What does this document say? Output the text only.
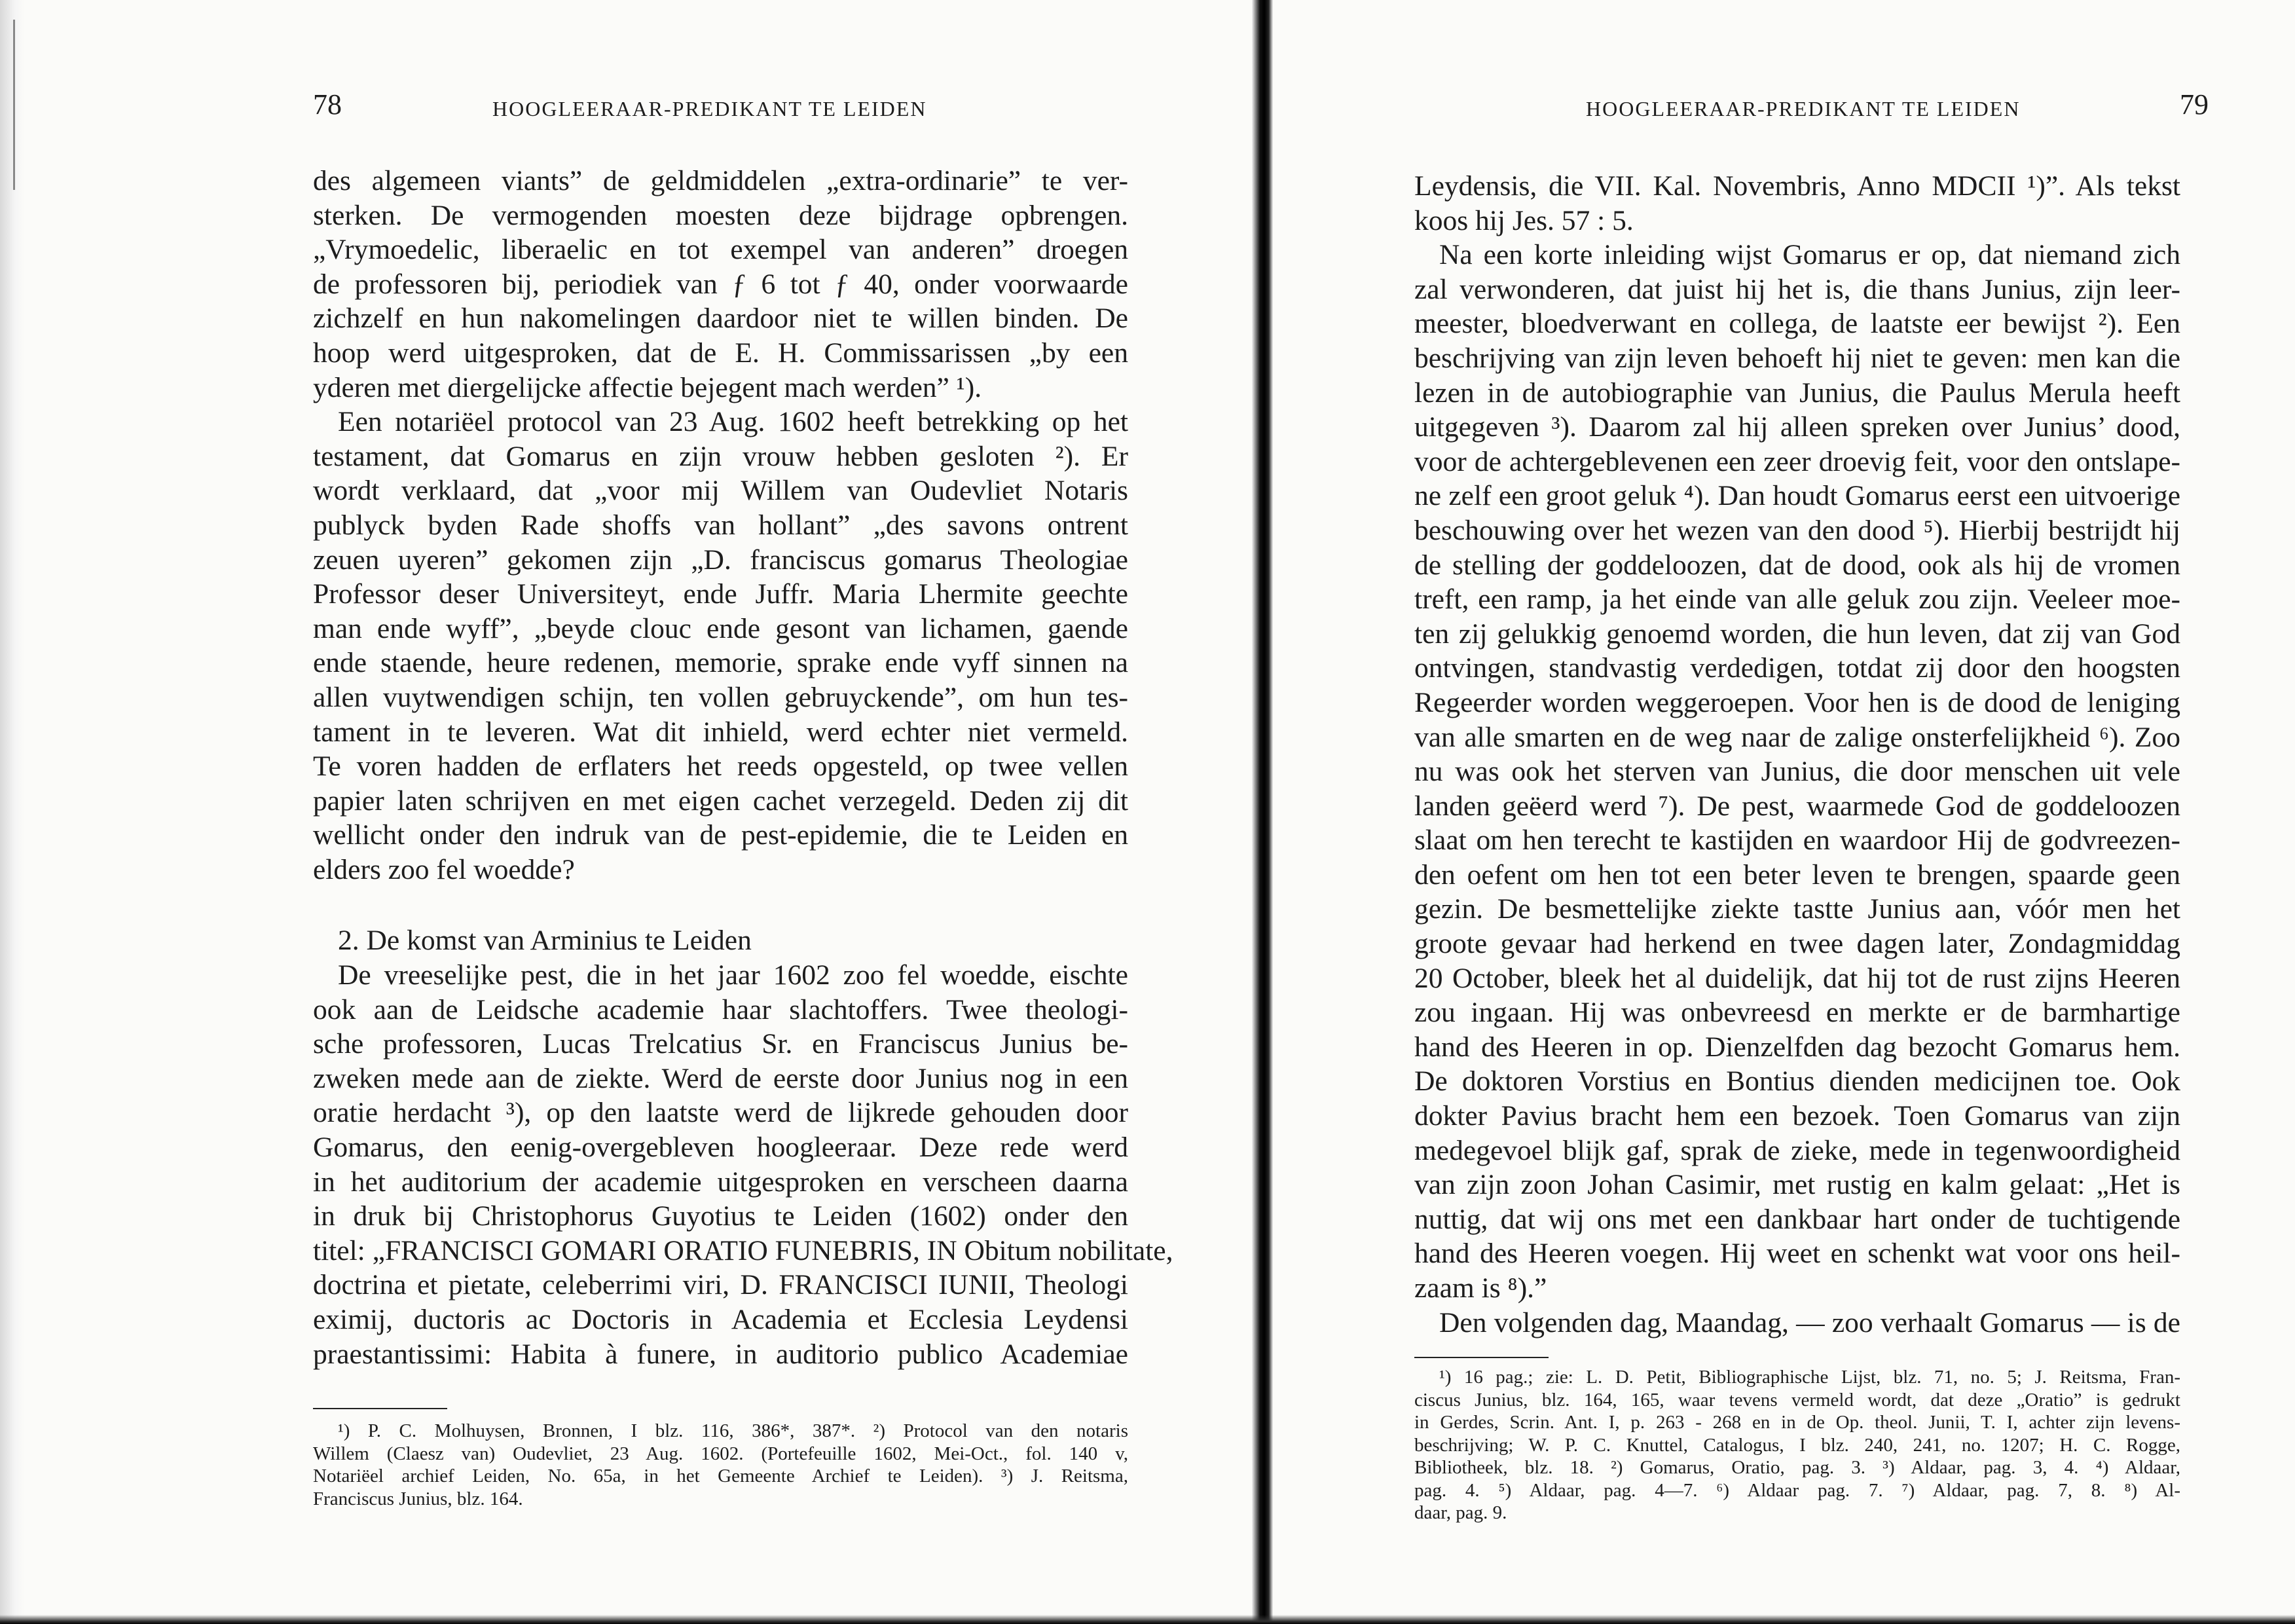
78	HOOGLEERAAR-PREDIKANT TE LEIDEN
des algemeen viants” de geldmiddelen „extra-ordinarie” te ver-
sterken. De vermogenden moesten deze bijdrage opbrengen.
„Vrymoedelic, liberaelic en tot exempel van anderen” droegen
de professoren bij, periodiek van ƒ 6 tot ƒ 40, onder voorwaarde
zichzelf en hun nakomelingen daardoor niet te willen binden. De
hoop werd uitgesproken, dat de E. H. Commissarissen „by een
yderen met diergelijcke affectie bejegent mach werden” ¹).
Een notariëel protocol van 23 Aug. 1602 heeft betrekking op het
testament, dat Gomarus en zijn vrouw hebben gesloten ²). Er
wordt verklaard, dat „voor mij Willem van Oudevliet Notaris
publyck byden Rade shoffs van hollant” „des savons ontrent
zeuen uyeren” gekomen zijn „D. franciscus gomarus Theologiae
Professor deser Universiteyt, ende Juffr. Maria Lhermite geechte
man ende wyff”, „beyde clouc ende gesont van lichamen, gaende
ende staende, heure redenen, memorie, sprake ende vyff sinnen na
allen vuytwendigen schijn, ten vollen gebruyckende”, om hun tes-
tament in te leveren. Wat dit inhield, werd echter niet vermeld.
Te voren hadden de erflaters het reeds opgesteld, op twee vellen
papier laten schrijven en met eigen cachet verzegeld. Deden zij dit
wellicht onder den indruk van de pest-epidemie, die te Leiden en
elders zoo fel woedde?
2. De komst van Arminius te Leiden
De vreeselijke pest, die in het jaar 1602 zoo fel woedde, eischte
ook aan de Leidsche academie haar slachtoffers. Twee theologi-
sche professoren, Lucas Trelcatius Sr. en Franciscus Junius be-
zweken mede aan de ziekte. Werd de eerste door Junius nog in een
oratie herdacht ³), op den laatste werd de lijkrede gehouden door
Gomarus, den eenig-overgebleven hoogleeraar. Deze rede werd
in het auditorium der academie uitgesproken en verscheen daarna
in druk bij Christophorus Guyotius te Leiden (1602) onder den
titel: „FRANCISCI GOMARI ORATIO FUNEBRIS, IN Obitum nobilitate,
doctrina et pietate, celeberrimi viri, D. FRANCISCI IUNII, Theologi
eximij, ductoris ac Doctoris in Academia et Ecclesia Leydensi
praestantissimi: Habita à funere, in auditorio publico Academiae
¹) P. C. Molhuysen, Bronnen, I blz. 116, 386*, 387*. ²) Protocol van den notaris
Willem (Claesz van) Oudevliet, 23 Aug. 1602. (Portefeuille 1602, Mei-Oct., fol. 140 v,
Notariëel archief Leiden, No. 65a, in het Gemeente Archief te Leiden). ³) J. Reitsma,
Franciscus Junius, blz. 164.
HOOGLEERAAR-PREDIKANT TE LEIDEN	79
Leydensis, die VII. Kal. Novembris, Anno MDCII ¹)”. Als tekst
koos hij Jes. 57 : 5.
Na een korte inleiding wijst Gomarus er op, dat niemand zich
zal verwonderen, dat juist hij het is, die thans Junius, zijn leer-
meester, bloedverwant en collega, de laatste eer bewijst ²). Een
beschrijving van zijn leven behoeft hij niet te geven: men kan die
lezen in de autobiographie van Junius, die Paulus Merula heeft
uitgegeven ³). Daarom zal hij alleen spreken over Junius’ dood,
voor de achtergeblevenen een zeer droevig feit, voor den ontslape-
ne zelf een groot geluk ⁴). Dan houdt Gomarus eerst een uitvoerige
beschouwing over het wezen van den dood ⁵). Hierbij bestrijdt hij
de stelling der goddeloozen, dat de dood, ook als hij de vromen
treft, een ramp, ja het einde van alle geluk zou zijn. Veeleer moe-
ten zij gelukkig genoemd worden, die hun leven, dat zij van God
ontvingen, standvastig verdedigen, totdat zij door den hoogsten
Regeerder worden weggeroepen. Voor hen is de dood de leniging
van alle smarten en de weg naar de zalige onsterfelijkheid ⁶). Zoo
nu was ook het sterven van Junius, die door menschen uit vele
landen geëerd werd ⁷). De pest, waarmede God de goddeloozen
slaat om hen terecht te kastijden en waardoor Hij de godvreezen-
den oefent om hen tot een beter leven te brengen, spaarde geen
gezin. De besmettelijke ziekte tastte Junius aan, vóór men het
groote gevaar had herkend en twee dagen later, Zondagmiddag
20 October, bleek het al duidelijk, dat hij tot de rust zijns Heeren
zou ingaan. Hij was onbevreesd en merkte er de barmhartige
hand des Heeren in op. Dienzelfden dag bezocht Gomarus hem.
De doktoren Vorstius en Bontius dienden medicijnen toe. Ook
dokter Pavius bracht hem een bezoek. Toen Gomarus van zijn
medegevoel blijk gaf, sprak de zieke, mede in tegenwoordigheid
van zijn zoon Johan Casimir, met rustig en kalm gelaat: „Het is
nuttig, dat wij ons met een dankbaar hart onder de tuchtigende
hand des Heeren voegen. Hij weet en schenkt wat voor ons heil-
zaam is ⁸).”
Den volgenden dag, Maandag, — zoo verhaalt Gomarus — is de
¹) 16 pag.; zie: L. D. Petit, Bibliographische Lijst, blz. 71, no. 5; J. Reitsma, Fran-
ciscus Junius, blz. 164, 165, waar tevens vermeld wordt, dat deze „Oratio” is gedrukt
in Gerdes, Scrin. Ant. I, p. 263 - 268 en in de Op. theol. Junii, T. I, achter zijn levens-
beschrijving; W. P. C. Knuttel, Catalogus, I blz. 240, 241, no. 1207; H. C. Rogge,
Bibliotheek, blz. 18. ²) Gomarus, Oratio, pag. 3. ³) Aldaar, pag. 3, 4. ⁴) Aldaar,
pag. 4. ⁵) Aldaar, pag. 4—7. ⁶) Aldaar pag. 7. ⁷) Aldaar, pag. 7, 8. ⁸) Al-
daar, pag. 9.
